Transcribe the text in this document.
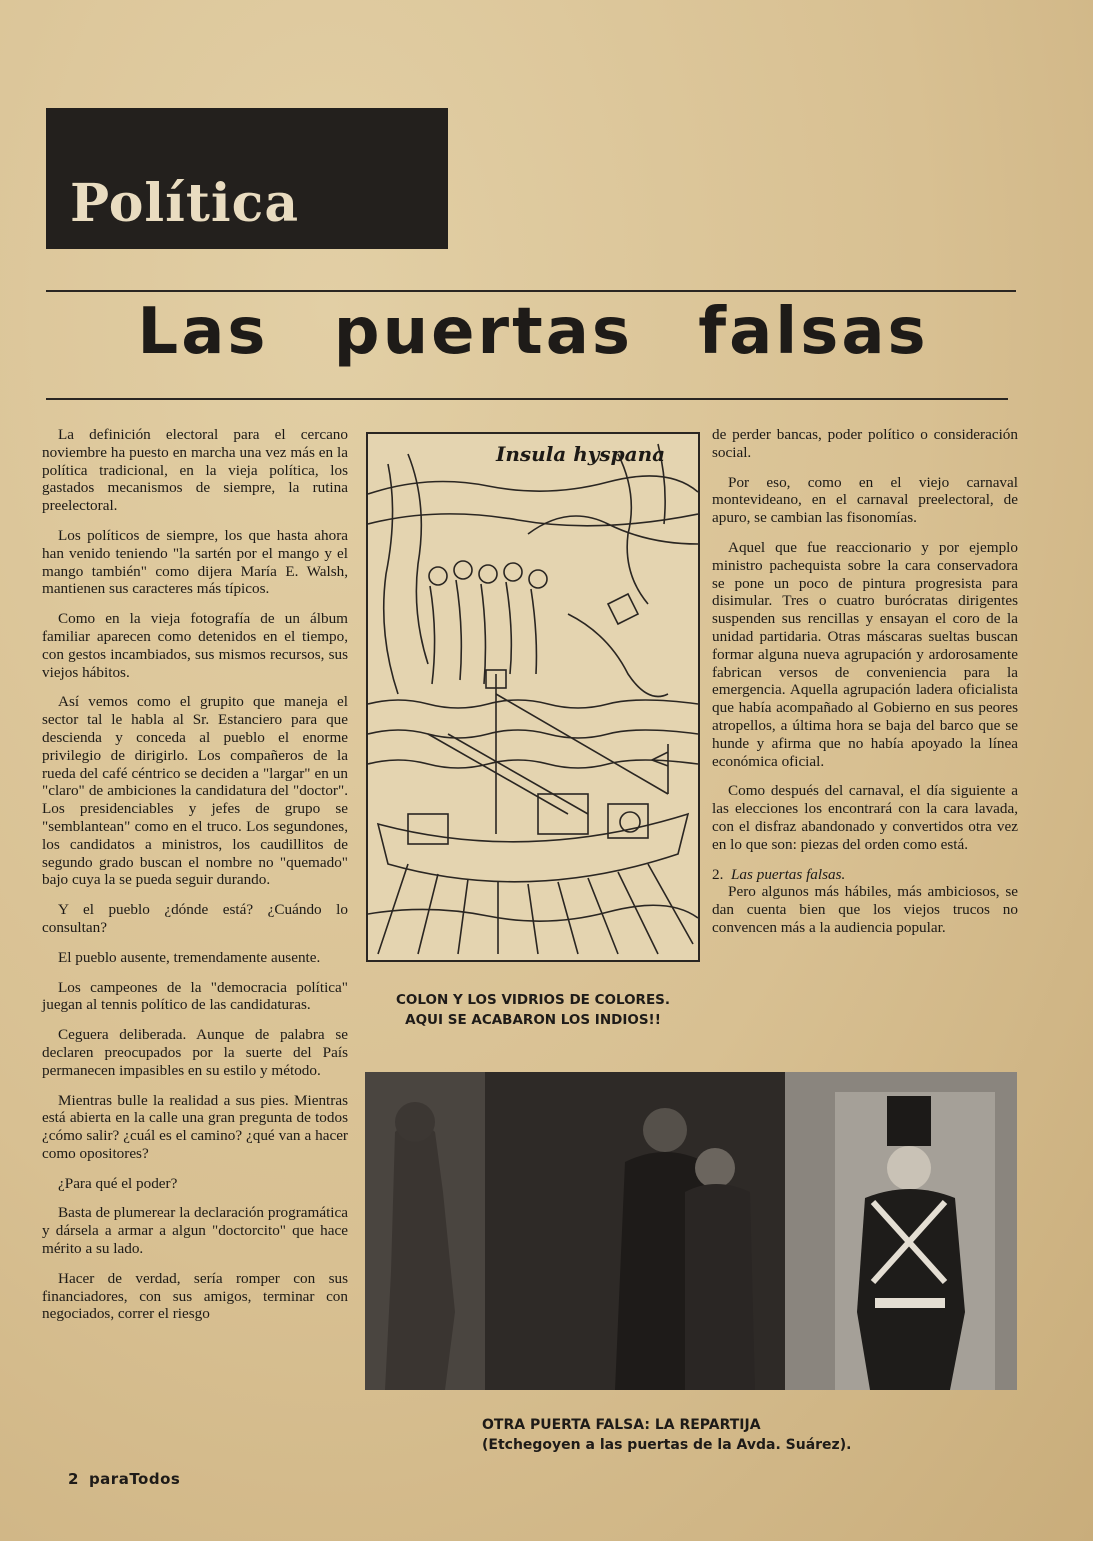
Política
Las puertas falsas

La definición electoral para el cercano noviembre ha puesto en marcha una vez más en la política tradicional, en la vieja política, los gastados mecanismos de siempre, la rutina preelectoral.

Los políticos de siempre, los que hasta ahora han venido teniendo "la sartén por el mango y el mango también" como dijera María E. Walsh, mantienen sus caracteres más típicos.

Como en la vieja fotografía de un álbum familiar aparecen como detenidos en el tiempo, con gestos incambiados, sus mismos recursos, sus viejos hábitos.

Así vemos como el grupito que maneja el sector tal le habla al Sr. Estanciero para que descienda y conceda al pueblo el enorme privilegio de dirigirlo. Los compañeros de la rueda del café céntrico se deciden a "largar" en un "claro" de ambiciones la candidatura del "doctor". Los presidenciables y jefes de grupo se "semblantean" como en el truco. Los segundones, los candidatos a ministros, los caudillitos de segundo grado buscan el nombre no "quemado" bajo cuya la se pueda seguir durando.

Y el pueblo ¿dónde está? ¿Cuándo lo consultan?

El pueblo ausente, tremendamente ausente.

Los campeones de la "democracia política" juegan al tennis político de las candidaturas.

Ceguera deliberada. Aunque de palabra se declaren preocupados por la suerte del País permanecen impasibles en su estilo y método.

Mientras bulle la realidad a sus pies. Mientras está abierta en la calle una gran pregunta de todos ¿cómo salir? ¿cuál es el camino? ¿qué van a hacer como opositores?

¿Para qué el poder?

Basta de plumerear la declaración programática y dársela a armar a algun "doctorcito" que hace mérito a su lado.

Hacer de verdad, sería romper con sus financiadores, con sus amigos, terminar con negociados, correr el riesgo

Insula hyspana
COLON Y LOS VIDRIOS DE COLORES.
AQUI SE ACABARON LOS INDIOS!!

de perder bancas, poder político o consideración social.

Por eso, como en el viejo carnaval montevideano, en el carnaval preelectoral, de apuro, se cambian las fisonomías.

Aquel que fue reaccionario y por ejemplo ministro pachequista sobre la cara conservadora se pone un poco de pintura progresista para disimular. Tres o cuatro burócratas dirigentes suspenden sus rencillas y ensayan el coro de la unidad partidaria. Otras máscaras sueltas buscan formar alguna nueva agrupación y ardorosamente fabrican versos de conveniencia para la emergencia. Aquella agrupación ladera oficialista que había acompañado al Gobierno en sus peores atropellos, a última hora se baja del barco que se hunde y afirma que no había apoyado la línea económica oficial.

Como después del carnaval, el día siguiente a las elecciones los encontrará con la cara lavada, con el disfraz abandonado y convertidos otra vez en lo que son: piezas del orden como está.

2. Las puertas falsas.

Pero algunos más hábiles, más ambiciosos, se dan cuenta bien que los viejos trucos no convencen más a la audiencia popular.

OTRA PUERTA FALSA: LA REPARTIJA
(Etchegoyen a las puertas de la Avda. Suárez).
2 paraTodos
